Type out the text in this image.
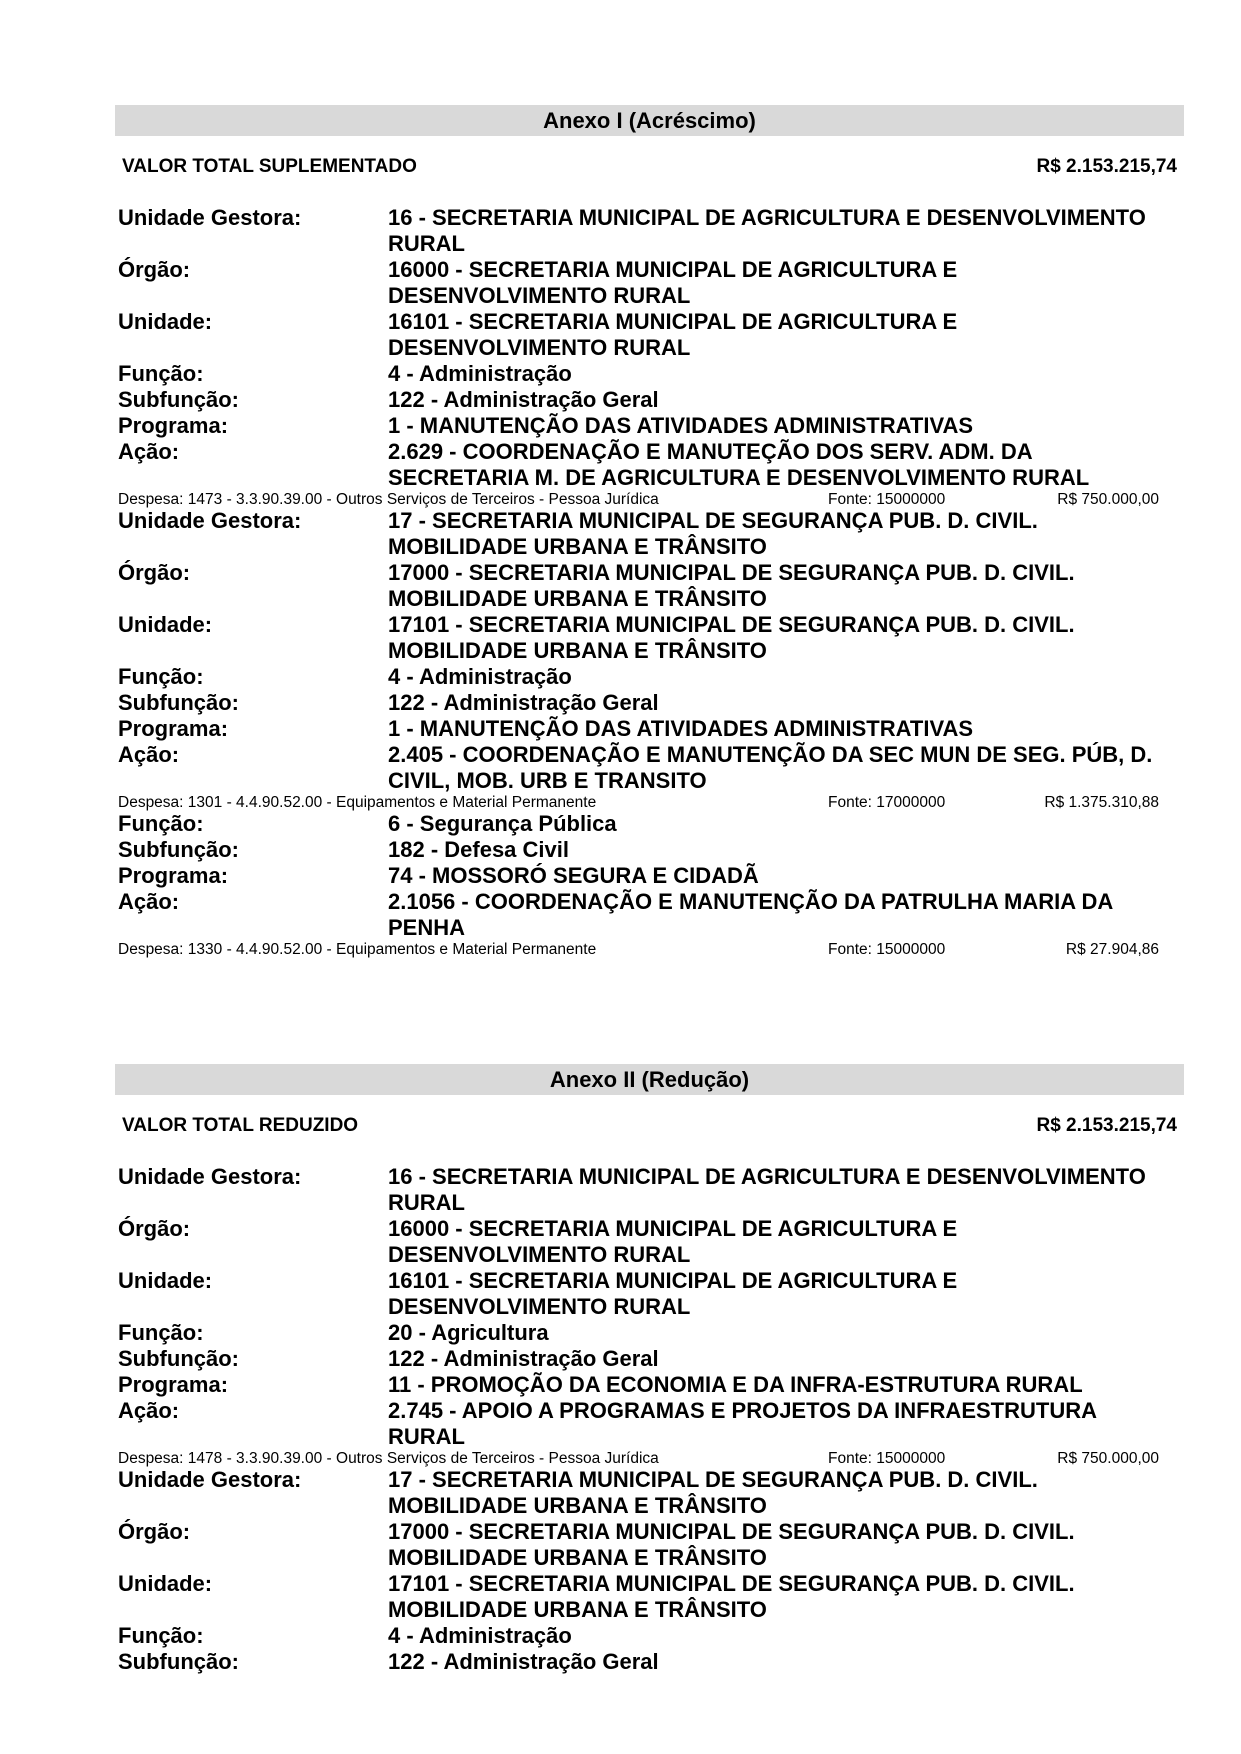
Anexo I (Acréscimo)
VALOR TOTAL SUPLEMENTADO	R$ 2.153.215,74
Unidade Gestora:	16 - SECRETARIA MUNICIPAL DE AGRICULTURA E DESENVOLVIMENTO RURAL
Órgão:	16000 - SECRETARIA MUNICIPAL DE AGRICULTURA E DESENVOLVIMENTO RURAL
Unidade:	16101 - SECRETARIA MUNICIPAL DE AGRICULTURA E DESENVOLVIMENTO RURAL
Função:	4 - Administração
Subfunção:	122 - Administração Geral
Programa:	1 - MANUTENÇÃO DAS ATIVIDADES ADMINISTRATIVAS
Ação:	2.629 - COORDENAÇÃO E MANUTEÇÃO DOS SERV. ADM. DA SECRETARIA M. DE AGRICULTURA E DESENVOLVIMENTO RURAL
Despesa: 1473 - 3.3.90.39.00 - Outros Serviços de Terceiros - Pessoa Jurídica	Fonte: 15000000	R$ 750.000,00
Unidade Gestora:	17 - SECRETARIA MUNICIPAL DE SEGURANÇA PUB. D. CIVIL. MOBILIDADE URBANA E TRÂNSITO
Órgão:	17000 - SECRETARIA MUNICIPAL DE SEGURANÇA PUB. D. CIVIL. MOBILIDADE URBANA E TRÂNSITO
Unidade:	17101 - SECRETARIA MUNICIPAL DE SEGURANÇA PUB. D. CIVIL. MOBILIDADE URBANA E TRÂNSITO
Função:	4 - Administração
Subfunção:	122 - Administração Geral
Programa:	1 - MANUTENÇÃO DAS ATIVIDADES ADMINISTRATIVAS
Ação:	2.405 - COORDENAÇÃO E MANUTENÇÃO DA SEC MUN DE SEG. PÚB, D. CIVIL, MOB. URB E TRANSITO
Despesa: 1301 - 4.4.90.52.00 - Equipamentos e Material Permanente	Fonte: 17000000	R$ 1.375.310,88
Função:	6 - Segurança Pública
Subfunção:	182 - Defesa Civil
Programa:	74 - MOSSORÓ SEGURA E CIDADÃ
Ação:	2.1056 - COORDENAÇÃO E MANUTENÇÃO DA PATRULHA MARIA DA PENHA
Despesa: 1330 - 4.4.90.52.00 - Equipamentos e Material Permanente	Fonte: 15000000	R$ 27.904,86
Anexo II (Redução)
VALOR TOTAL REDUZIDO	R$ 2.153.215,74
Unidade Gestora:	16 - SECRETARIA MUNICIPAL DE AGRICULTURA E DESENVOLVIMENTO RURAL
Órgão:	16000 - SECRETARIA MUNICIPAL DE AGRICULTURA E DESENVOLVIMENTO RURAL
Unidade:	16101 - SECRETARIA MUNICIPAL DE AGRICULTURA E DESENVOLVIMENTO RURAL
Função:	20 - Agricultura
Subfunção:	122 - Administração Geral
Programa:	11 - PROMOÇÃO DA ECONOMIA E DA INFRA-ESTRUTURA RURAL
Ação:	2.745 - APOIO A PROGRAMAS E PROJETOS DA INFRAESTRUTURA RURAL
Despesa: 1478 - 3.3.90.39.00 - Outros Serviços de Terceiros - Pessoa Jurídica	Fonte: 15000000	R$ 750.000,00
Unidade Gestora:	17 - SECRETARIA MUNICIPAL DE SEGURANÇA PUB. D. CIVIL. MOBILIDADE URBANA E TRÂNSITO
Órgão:	17000 - SECRETARIA MUNICIPAL DE SEGURANÇA PUB. D. CIVIL. MOBILIDADE URBANA E TRÂNSITO
Unidade:	17101 - SECRETARIA MUNICIPAL DE SEGURANÇA PUB. D. CIVIL. MOBILIDADE URBANA E TRÂNSITO
Função:	4 - Administração
Subfunção:	122 - Administração Geral
